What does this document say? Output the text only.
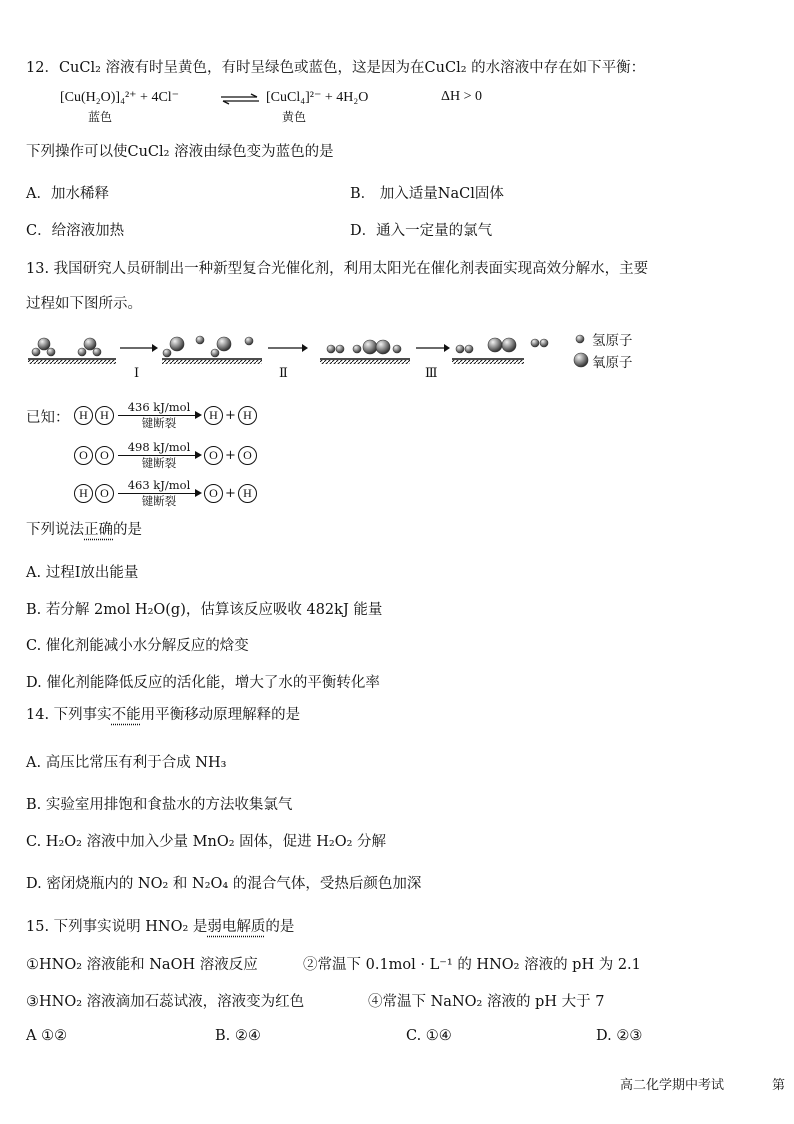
12．CuCl₂ 溶液有时呈黄色，有时呈绿色或蓝色，这是因为在CuCl₂ 的水溶液中存在如下平衡：
[Cu(H₂O)]₄²⁺ + 4Cl⁻	⇌ [CuCl₄]²⁻ + 4H₂O	ΔH > 0
蓝色	黄色
下列操作可以使CuCl₂ 溶液由绿色变为蓝色的是
A．加水稀释	B． 加入适量NaCl固体
C．给溶液加热	D．通入一定量的氯气
13. 我国研究人员研制出一种新型复合光催化剂，利用太阳光在催化剂表面实现高效分解水，主要
过程如下图所示。
Ⅰ	Ⅱ	Ⅲ
氢原子
氧原子
已知： H	H
436 kJ/mol
键断裂
H + H
O	O
498 kJ/mol
键断裂
O + O
H	O
463 kJ/mol
键断裂
O + H
下列说法正确的是
A. 过程Ⅰ放出能量
B. 若分解 2mol H₂O(g)，估算该反应吸收 482kJ 能量
C. 催化剂能减小水分解反应的焓变
D. 催化剂能降低反应的活化能，增大了水的平衡转化率
14. 下列事实不能用平衡移动原理解释的是
A. 高压比常压有利于合成 NH₃
B. 实验室用排饱和食盐水的方法收集氯气
C. H₂O₂ 溶液中加入少量 MnO₂ 固体，促进 H₂O₂ 分解
D. 密闭烧瓶内的 NO₂ 和 N₂O₄ 的混合气体，受热后颜色加深
15. 下列事实说明 HNO₂ 是弱电解质的是
①HNO₂ 溶液能和 NaOH 溶液反应	②常温下 0.1mol · L⁻¹ 的 HNO₂ 溶液的 pH 为 2.1
③HNO₂ 溶液滴加石蕊试液，溶液变为红色	④常温下 NaNO₂ 溶液的 pH 大于 7
A ①②	B. ②④	C. ①④	D. ②③
高二化学期中考试	第
